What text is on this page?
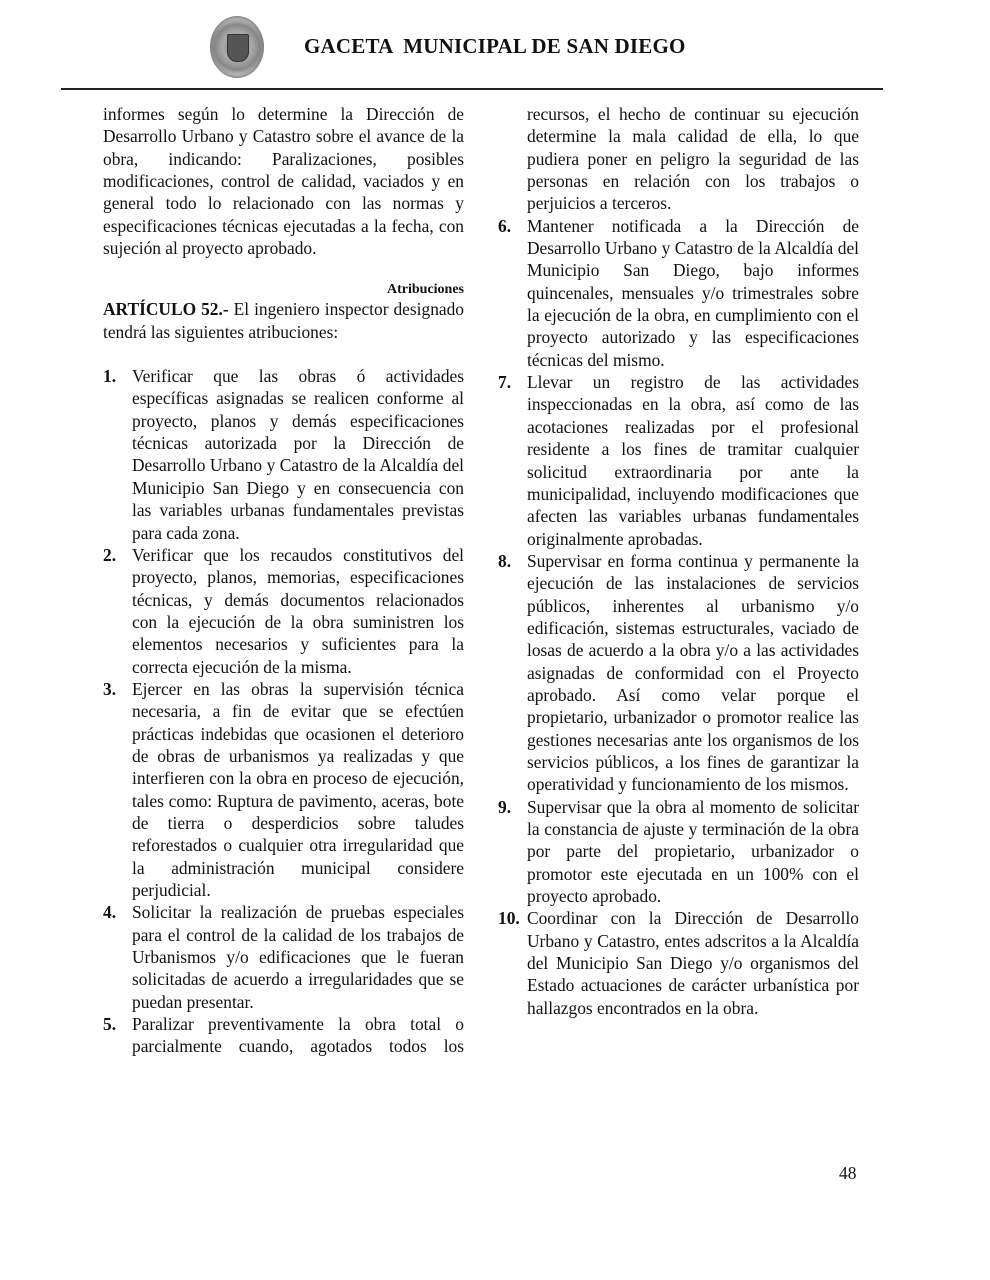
GACETA  MUNICIPAL DE SAN DIEGO

informes según lo determine la Dirección de Desarrollo Urbano y Catastro sobre el avance de la obra, indicando: Paralizaciones, posibles modificaciones, control de calidad, vaciados y en general todo lo relacionado con las normas y especificaciones técnicas ejecutadas a la fecha, con sujeción al proyecto aprobado.

Atribuciones

ARTÍCULO 52.- El ingeniero inspector designado tendrá las siguientes atribuciones:

1. Verificar que las obras ó actividades específicas asignadas se realicen conforme al proyecto, planos y demás especificaciones técnicas autorizada por la Dirección de Desarrollo Urbano y Catastro de la Alcaldía del Municipio San Diego y en consecuencia con las variables urbanas fundamentales previstas para cada zona.
2. Verificar que los recaudos constitutivos del proyecto, planos, memorias, especificaciones técnicas, y demás documentos relacionados con la ejecución de la obra suministren los elementos necesarios y suficientes para la correcta ejecución de la misma.
3. Ejercer en las obras la supervisión técnica necesaria, a fin de evitar que se efectúen prácticas indebidas que ocasionen el deterioro de obras de urbanismos ya realizadas y que interfieren con la obra en proceso de ejecución, tales como: Ruptura de pavimento, aceras, bote de tierra o desperdicios sobre taludes reforestados o cualquier otra irregularidad que la administración municipal considere perjudicial.
4. Solicitar la realización de pruebas especiales para el control de la calidad de los trabajos de Urbanismos y/o edificaciones que le fueran solicitadas de acuerdo a irregularidades que se puedan presentar.
5. Paralizar preventivamente la obra total o parcialmente cuando, agotados todos los

recursos, el hecho de continuar su ejecución determine la mala calidad de ella, lo que pudiera poner en peligro la seguridad de las personas en relación con los trabajos o perjuicios a terceros.

6. Mantener notificada a la Dirección de Desarrollo Urbano y Catastro de la Alcaldía del Municipio San Diego, bajo informes quincenales, mensuales y/o trimestrales sobre la ejecución de la obra, en cumplimiento con el proyecto autorizado y las especificaciones técnicas del mismo.
7. Llevar un registro de las actividades inspeccionadas en la obra, así como de las acotaciones realizadas por el profesional residente a los fines de tramitar cualquier solicitud extraordinaria por ante la municipalidad, incluyendo modificaciones que afecten las variables urbanas fundamentales originalmente aprobadas.
8. Supervisar en forma continua y permanente la ejecución de las instalaciones de servicios públicos, inherentes al urbanismo y/o edificación, sistemas estructurales, vaciado de losas de acuerdo a la obra y/o a las actividades asignadas de conformidad con el Proyecto aprobado. Así como velar porque el propietario, urbanizador o promotor realice las gestiones necesarias ante los organismos de los servicios públicos, a los fines de garantizar la operatividad y funcionamiento de los mismos.
9. Supervisar que la obra al momento de solicitar la constancia de ajuste y terminación de la obra por parte del propietario, urbanizador o promotor este ejecutada en un 100% con el proyecto aprobado.
10. Coordinar con la Dirección de Desarrollo Urbano y Catastro, entes adscritos a la Alcaldía del Municipio San Diego y/o organismos del Estado actuaciones de carácter urbanística por hallazgos encontrados en la obra.
48
